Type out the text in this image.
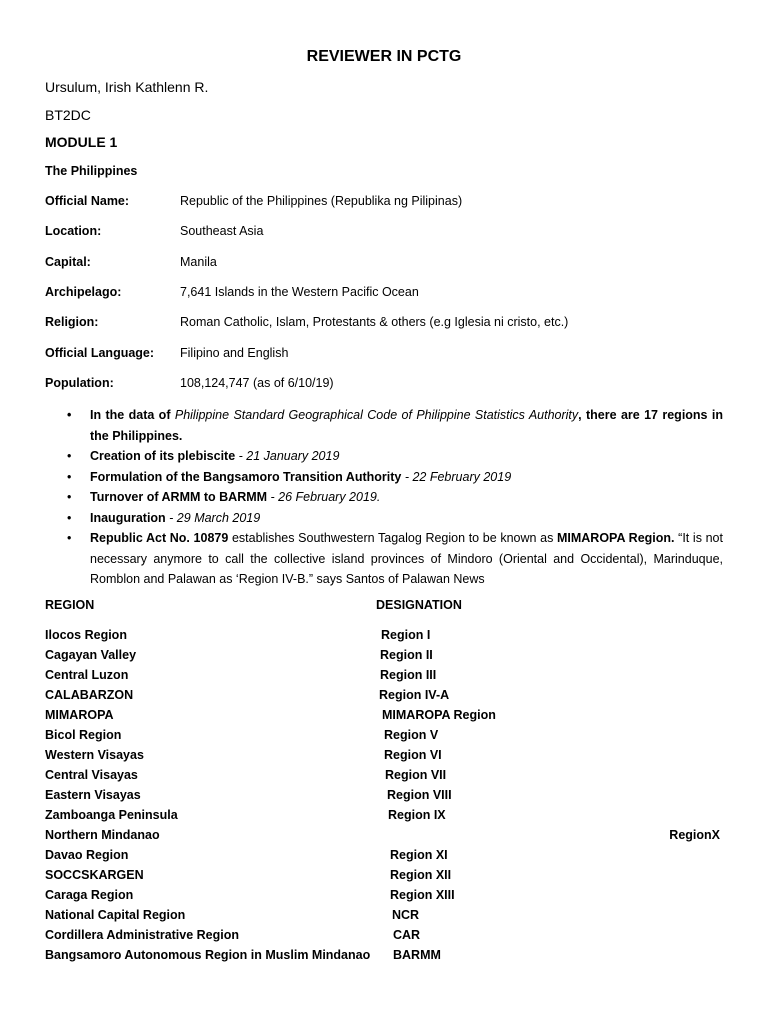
REVIEWER IN PCTG
Ursulum, Irish Kathlenn R.
BT2DC
MODULE 1
The Philippines
Official Name:	Republic of the Philippines (Republika ng Pilipinas)
Location:	Southeast Asia
Capital:	Manila
Archipelago:	7,641 Islands in the Western Pacific Ocean
Religion:	Roman Catholic, Islam, Protestants & others (e.g Iglesia ni cristo, etc.)
Official Language: Filipino and English
Population:	108,124,747 (as of 6/10/19)
• In the data of Philippine Standard Geographical Code of Philippine Statistics Authority, there are 17 regions in the Philippines.
• Creation of its plebiscite - 21 January 2019
• Formulation of the Bangsamoro Transition Authority - 22 February 2019
• Turnover of ARMM to BARMM - 26 February 2019.
• Inauguration - 29 March 2019
• Republic Act No. 10879 establishes Southwestern Tagalog Region to be known as MIMAROPA Region. “It is not necessary anymore to call the collective island provinces of Mindoro (Oriental and Occidental), Marinduque, Romblon and Palawan as ‘Region IV-B.” says Santos of Palawan News
REGION	DESIGNATION
Ilocos Region	Region I
Cagayan Valley	Region II
Central Luzon	Region III
CALABARZON	Region IV-A
MIMAROPA	MIMAROPA Region
Bicol Region	Region V
Western Visayas	Region VI
Central Visayas	Region VII
Eastern Visayas	Region VIII
Zamboanga Peninsula	Region IX
Northern Mindanao	RegionX
Davao Region	Region XI
SOCCSKARGEN	Region XII
Caraga Region	Region XIII
National Capital Region	NCR
Cordillera Administrative Region	CAR
Bangsamoro Autonomous Region in Muslim Mindanao BARMM
